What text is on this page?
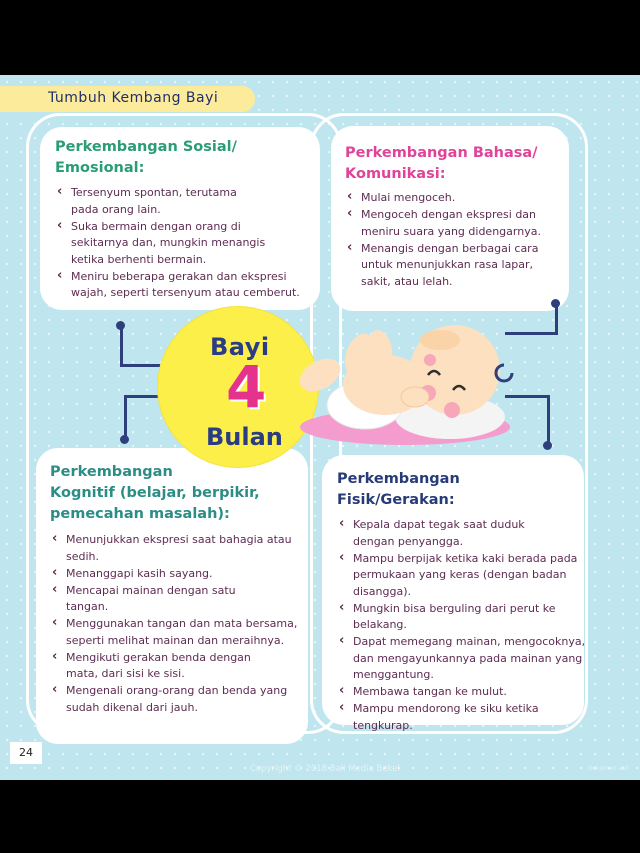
Tumbuh Kembang Bayi

Perkembangan Sosial/

Emosional:

‹ Tersenyum spontan, terutama pada orang lain.
‹ Suka bermain dengan orang di sekitarnya dan, mungkin menangis ketika berhenti bermain.
‹ Meniru beberapa gerakan dan ekspresi wajah, seperti tersenyum atau cemberut.

Perkembangan Bahasa/

Komunikasi:

‹ Mulai mengoceh.
‹ Mengoceh dengan ekspresi dan meniru suara yang didengarnya.
‹ Menangis dengan berbagai cara untuk menunjukkan rasa lapar, sakit, atau lelah.

Perkembangan

Kognitif (belajar, berpikir,

pemecahan masalah):

‹ Menunjukkan ekspresi saat bahagia atau sedih.
‹ Menanggapi kasih sayang.
‹ Mencapai mainan dengan satu tangan.
‹ Menggunakan tangan dan mata bersama, seperti melihat mainan dan meraihnya.
‹ Mengikuti gerakan benda dengan mata, dari sisi ke sisi.
‹ Mengenali orang-orang dan benda yang sudah dikenal dari jauh.

Perkembangan Fisik/Gerakan:

‹ Kepala dapat tegak saat duduk dengan penyangga.
‹ Mampu berpijak ketika kaki berada pada permukaan yang keras (dengan badan disangga).
‹ Mungkin bisa berguling dari perut ke belakang.
‹ Dapat memegang mainan, mengocoknya, dan mengayunkannya pada mainan yang menggantung.
‹ Membawa tangan ke mulut.
‹ Mampu mendorong ke siku ketika tengkurap.
Bayi
4
Bulan
24
Copyright © 2018 Bali Media Bekel	Dokumen asli
